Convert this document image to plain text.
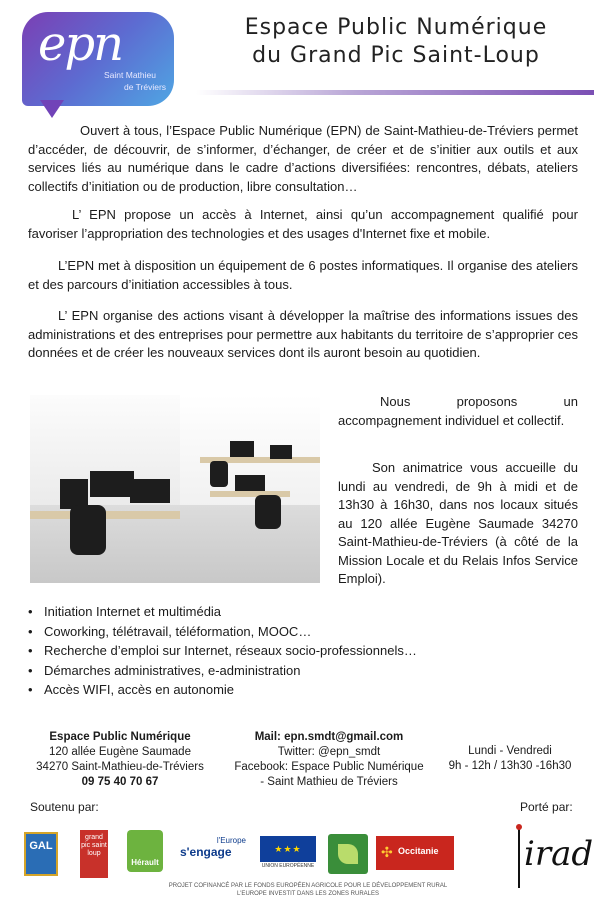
epn
Saint Mathieu
de Tréviers
Espace Public Numérique
du Grand Pic Saint-Loup

Ouvert à tous, l’Espace Public Numérique (EPN) de Saint-Mathieu-de-Tréviers permet d’accéder, de découvrir, de s’informer, d’échanger, de créer et de s’initier aux outils et aux services liés au numérique dans le cadre d’actions diversifiées: rencontres, débats, ateliers collectifs d’initiation ou de production, libre consultation…

L’ EPN propose un accès à Internet, ainsi qu’un accompagnement qualifié pour favoriser l’appropriation des technologies et des usages d'Internet fixe et mobile.

L’EPN met à disposition un équipement de 6 postes informatiques. Il organise des ateliers et des parcours d’initiation accessibles à tous.

L’ EPN organise des actions visant à développer la maîtrise des informations issues des administrations et des entreprises pour permettre aux habitants du territoire de s’approprier ces données et de créer les nouveaux services dont ils auront besoin au quotidien.

Nous proposons un accompagnement individuel et collectif.

Son animatrice vous accueille du lundi au vendredi, de 9h à midi et de 13h30 à 16h30, dans nos locaux situés au 120 allée Eugène Saumade 34270 Saint-Mathieu-de-Tréviers (à côté de la Mission Locale et du Relais Infos Service Emploi).

• Initiation Internet et multimédia
• Coworking, télétravail, téléformation, MOOC…
• Recherche d’emploi sur Internet, réseaux socio-professionnels…
• Démarches administratives, e-administration
• Accès WIFI, accès en autonomie
Espace Public Numérique
120 allée Eugène Saumade
34270 Saint-Mathieu-de-Tréviers
09 75 40 70 67
Mail: epn.smdt@gmail.com
Twitter: @epn_smdt
Facebook: Espace Public Numérique
- Saint Mathieu de Tréviers
Lundi - Vendredi
9h - 12h / 13h30 -16h30
Soutenu par:	Porté par:
GAL
grand pic saint loup
Hérault
l'Europe
s'engage	★★★
UNION EUROPÉENNE
✣ Occitanie	irad
PROJET COFINANCÉ PAR LE FONDS EUROPÉEN AGRICOLE POUR LE DÉVELOPPEMENT RURAL
L'EUROPE INVESTIT DANS LES ZONES RURALES
